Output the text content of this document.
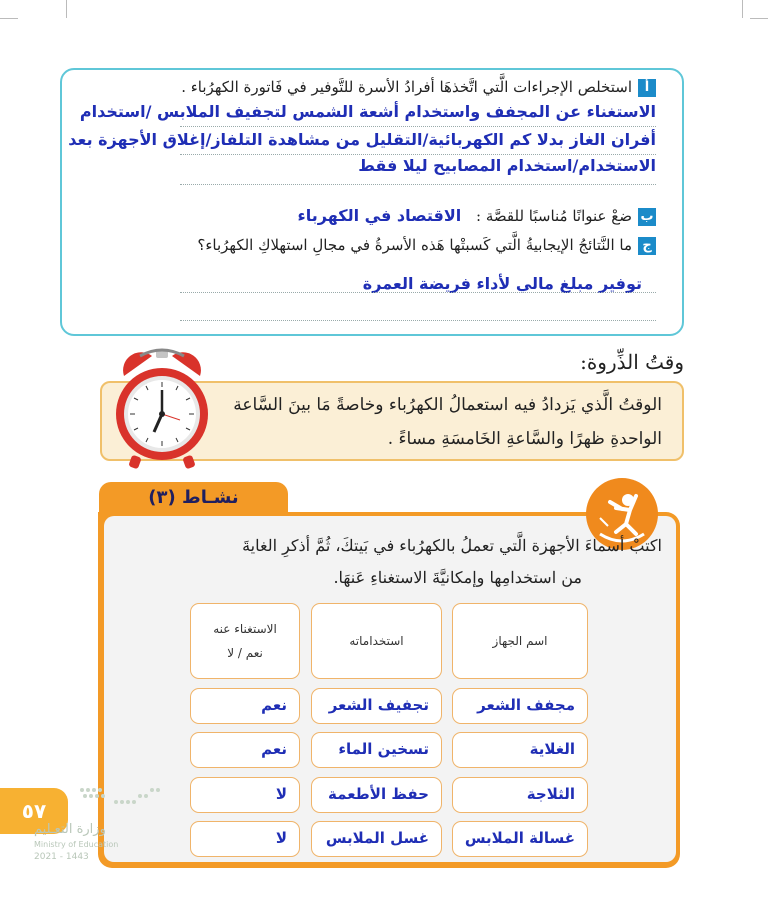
أاستخلص الإجراءات الَّتي اتَّخذهَا أفرادُ الأسرة للتَّوفير في فَاتورة الكهرُباء .
الاستغناء عن المجفف واستخدام أشعة الشمس لتجفيف الملابس /استخدام
أفران الغاز بدلا كم الكهربائية/التقليل من مشاهدة التلفاز/إغلاق الأجهزة بعد
الاستخدام/استخدام المصابيح ليلا فقط
بضعْ عنوانًا مُناسبًا للقصَّة : الاقتصاد في الكهرباء
جما النَّتائجُ الإيجابيةُ الَّتي كَسبتْها هَذه الأسرةُ في مجالِ استهلاكِ الكهرُباء؟
توفير مبلغ مالي لأداء فريضة العمرة
وقتُ الذِّروة:
الوقتُ الَّذي يَزدادُ فيه استعمالُ الكهرُباء وخاصةً مَا بينَ السَّاعة
الواحدةِ ظهرًا والسَّاعةِ الخَامسَةِ مساءً .
نشـاط (٣)
اكتبْ أسماءَ الأجهزة الَّتي تعملُ بالكهرُباء في بَيتكَ، ثُمَّ أذكرِ الغايةَ
من استخدامِها وإمكانيَّةَ الاستغناءِ عَنهَا.
اسم الجهاز
استخداماته
الاستغناء عنه
نعم / لا
مجفف الشعر
تجفيف الشعر
نعم
الغلاية
تسخين الماء
نعم
الثلاجة
حفظ الأطعمة
لا
غسالة الملابس
غسل الملابس
لا
٥٧
وزارة التعـليم
Ministry of Education
2021 - 1443
